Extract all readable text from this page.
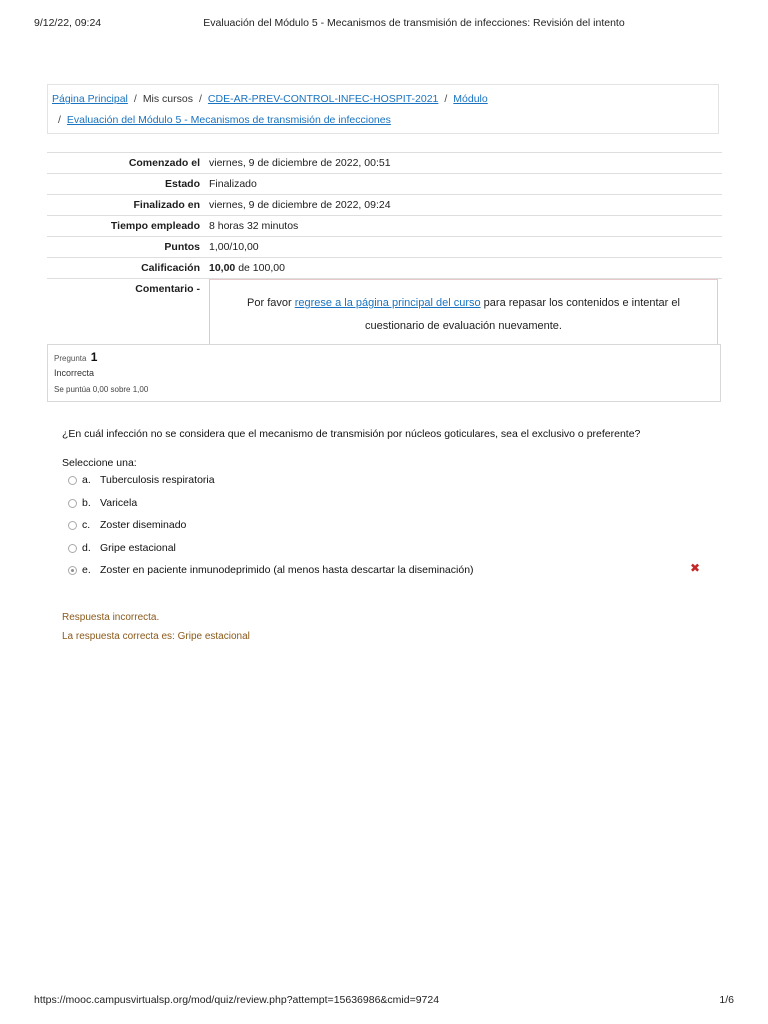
9/12/22, 09:24	Evaluación del Módulo 5 - Mecanismos de transmisión de infecciones: Revisión del intento
Página Principal / Mis cursos / CDE-AR-PREV-CONTROL-INFEC-HOSPIT-2021 / Módulo
/ Evaluación del Módulo 5 - Mecanismos de transmisión de infecciones
Comenzado el	viernes, 9 de diciembre de 2022, 00:51
Estado	Finalizado
Finalizado en	viernes, 9 de diciembre de 2022, 09:24
Tiempo empleado	8 horas 32 minutos
Puntos	1,00/10,00
Calificación	10,00 de 100,00
Comentario -	Por favor regrese a la página principal del curso para repasar los contenidos e intentar el cuestionario de evaluación nuevamente.
Pregunta 1
Incorrecta
Se puntúa 0,00 sobre 1,00
¿En cuál infección no se considera que el mecanismo de transmisión por núcleos goticulares, sea el exclusivo o preferente?
Seleccione una:
a. Tuberculosis respiratoria
b. Varicela
c. Zoster diseminado
d. Gripe estacional
e. Zoster en paciente inmunodeprimido (al menos hasta descartar la diseminación)	✖
Respuesta incorrecta.
La respuesta correcta es: Gripe estacional
https://mooc.campusvirtualsp.org/mod/quiz/review.php?attempt=15636986&cmid=9724	1/6
